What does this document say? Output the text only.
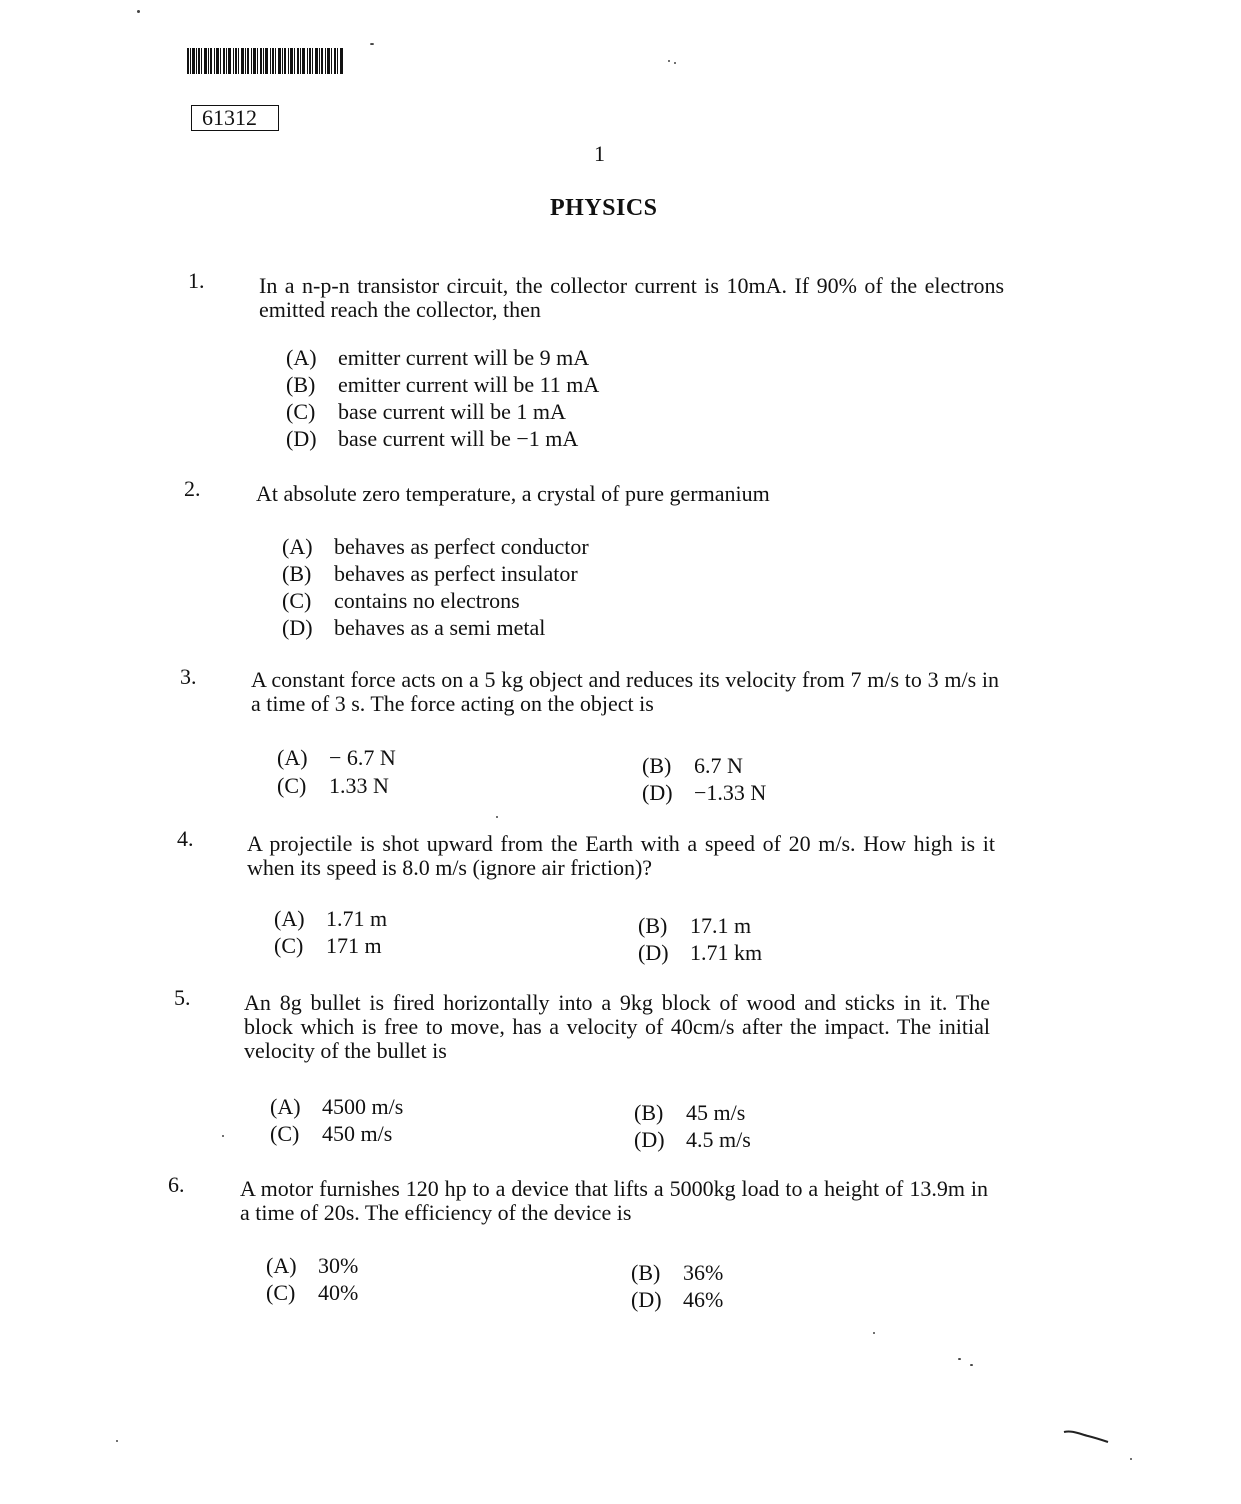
61312
1
PHYSICS
1. In a n-p-n transistor circuit, the collector current is 10mA. If 90% of the electrons emitted reach the collector, then
(A) emitter current will be 9 mA
(B) emitter current will be 11 mA
(C) base current will be 1 mA
(D) base current will be −1 mA
2.	At absolute zero temperature, a crystal of pure germanium
(A) behaves as perfect conductor
(B) behaves as perfect insulator
(C) contains no electrons
(D) behaves as a semi metal
3. A constant force acts on a 5 kg object and reduces its velocity from 7 m/s to 3 m/s in a time of 3 s. The force acting on the object is
(A) − 6.7 N	(B) 6.7 N
(C) 1.33 N	(D) −1.33 N
4. A projectile is shot upward from the Earth with a speed of 20 m/s. How high is it when its speed is 8.0 m/s (ignore air friction)?
(A) 1.71 m	(B) 17.1 m
(C) 171 m	(D) 1.71 km
5. An 8g bullet is fired horizontally into a 9kg block of wood and sticks in it. The block which is free to move, has a velocity of 40cm/s after the impact. The initial velocity of the bullet is
(A) 4500 m/s	(B) 45 m/s
(C) 450 m/s	(D) 4.5 m/s
6.	A motor furnishes 120 hp to a device that lifts a 5000kg load to a height of 13.9m in a time of 20s. The efficiency of the device is
(A) 30%	(B) 36%
(C) 40%	(D) 46%
